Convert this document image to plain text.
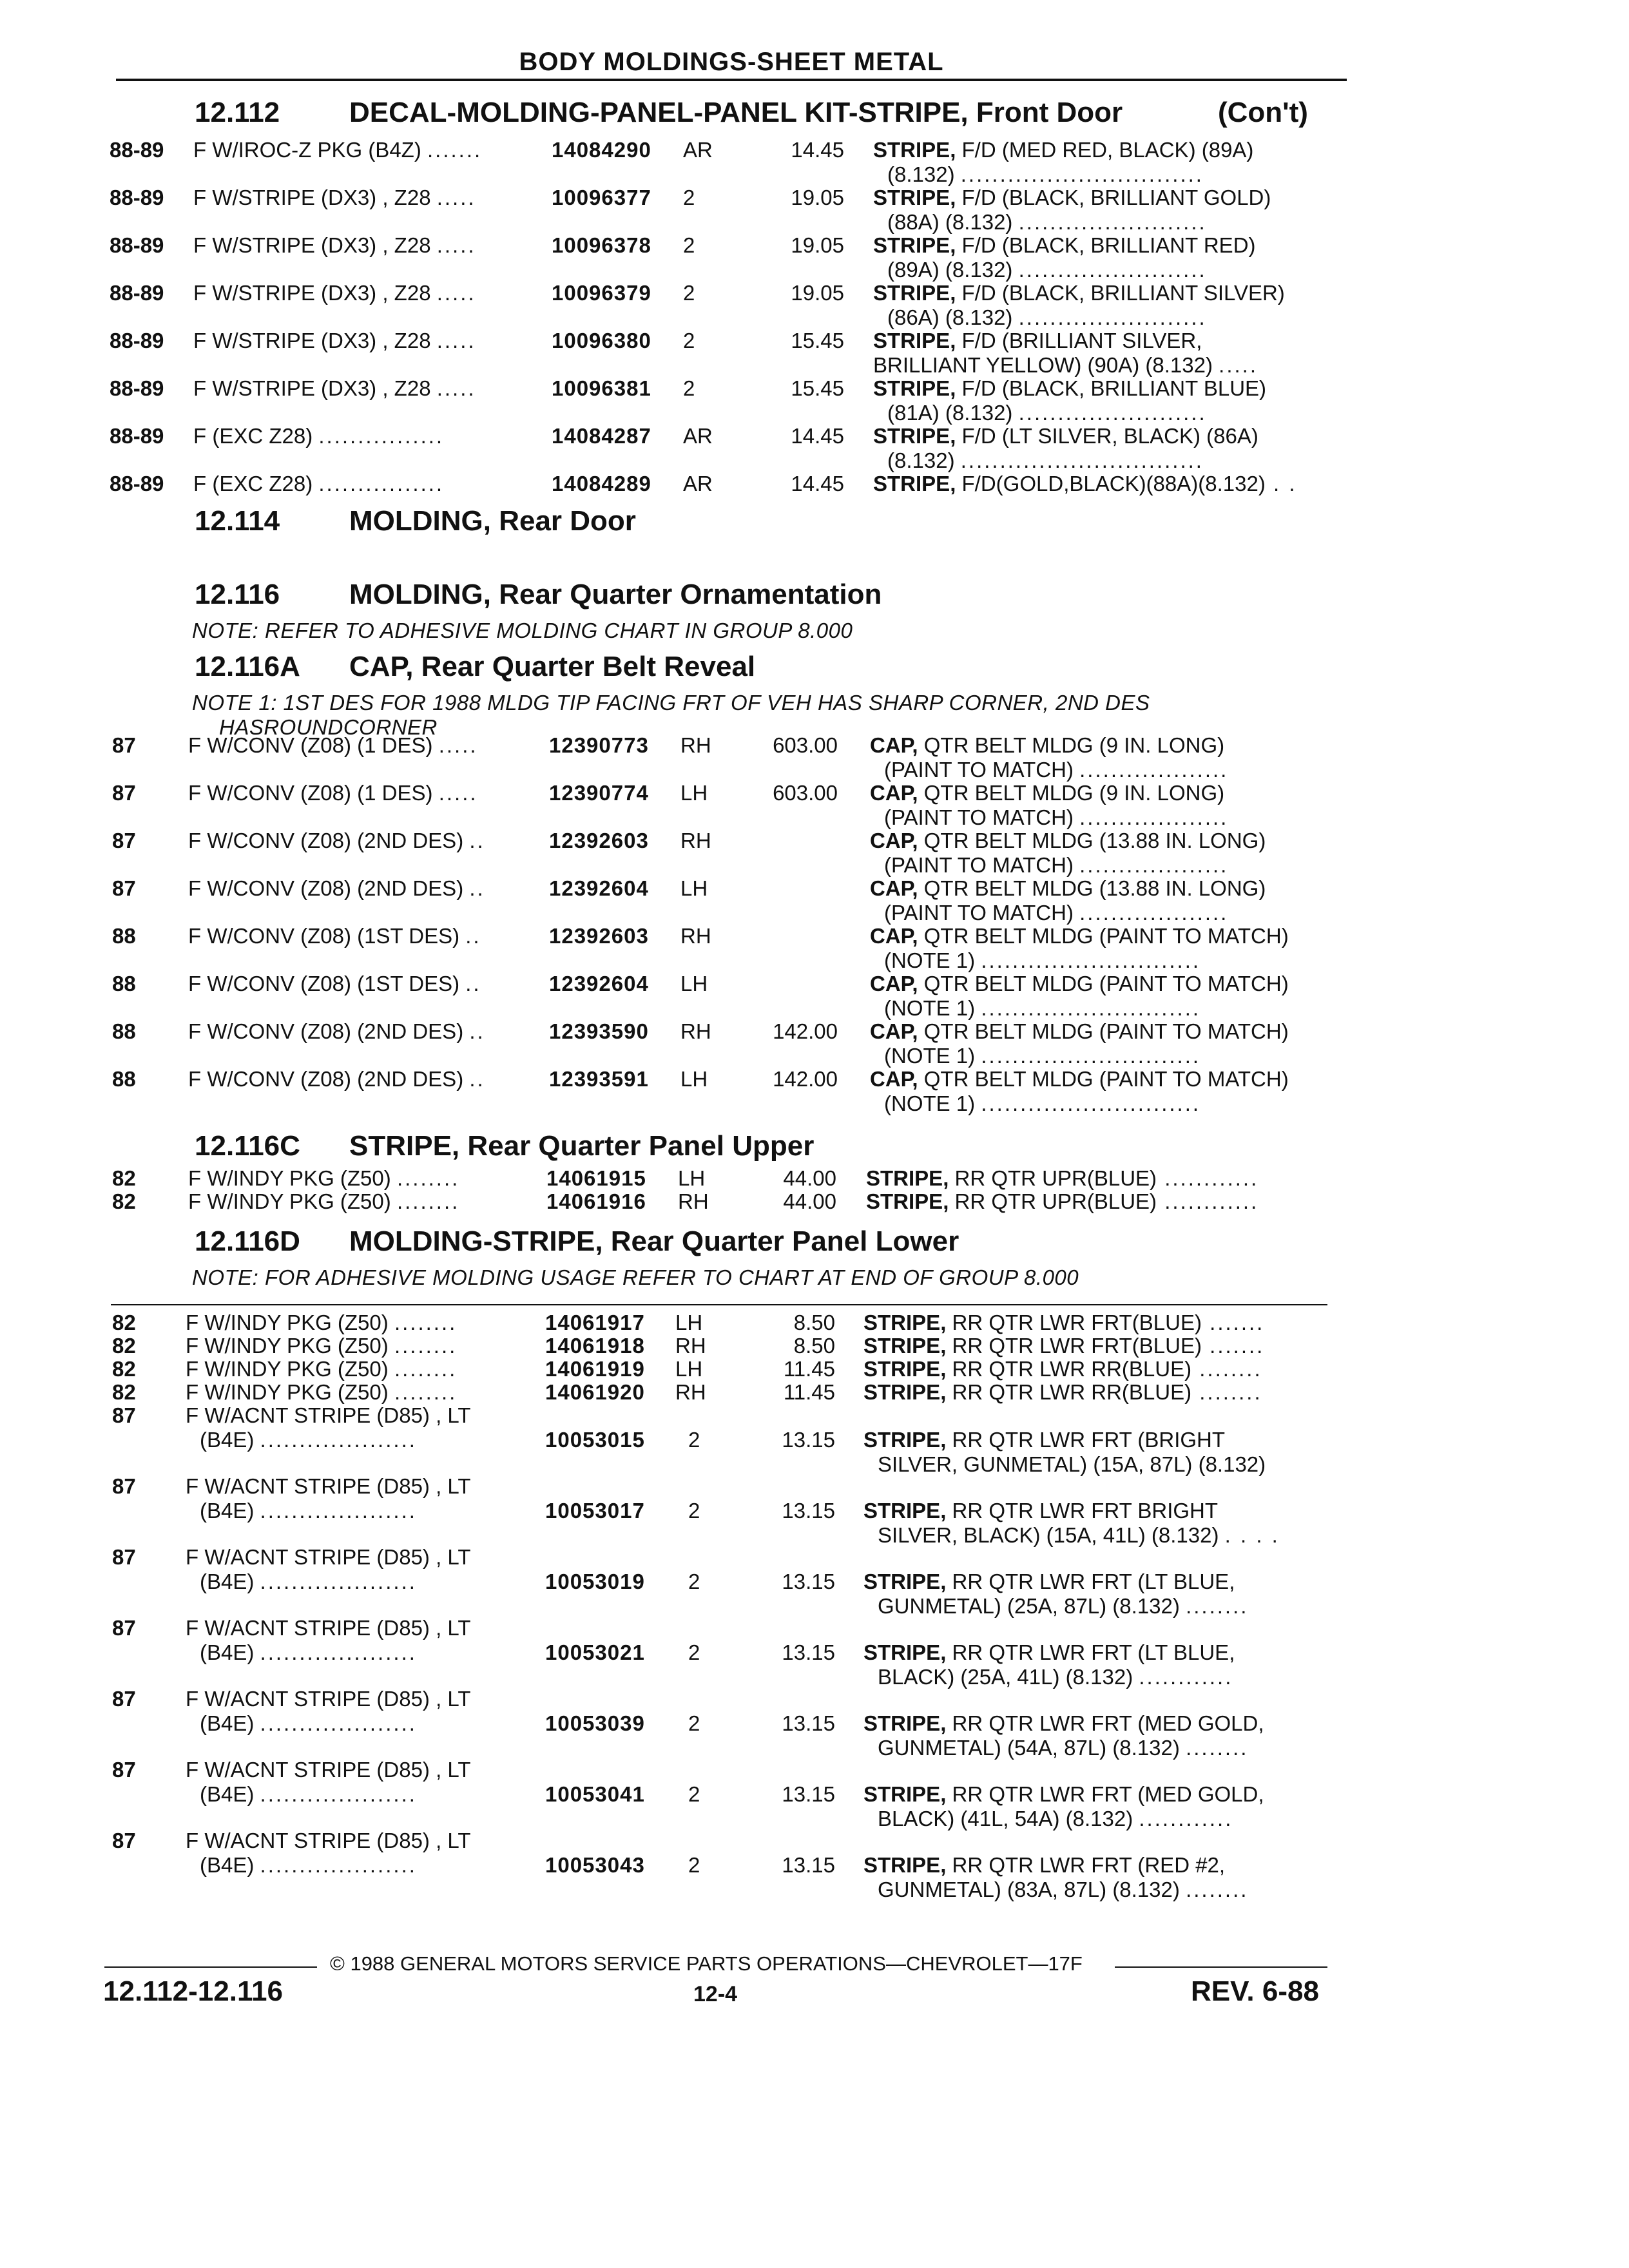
BODY MOLDINGS-SHEET METAL
12.112 DECAL-MOLDING-PANEL-PANEL KIT-STRIPE, Front Door	(Con't)
88-89 F W/IROC-Z PKG (B4Z) .......	14084290 AR	14.45 STRIPE, F/D (MED RED, BLACK) (89A)
(8.132) ...............................
88-89 F W/STRIPE (DX3) , Z28 .....	10096377 2	19.05 STRIPE, F/D (BLACK, BRILLIANT GOLD)
(88A) (8.132) ........................
88-89 F W/STRIPE (DX3) , Z28 .....	10096378 2	19.05 STRIPE, F/D (BLACK, BRILLIANT RED)
(89A) (8.132) ........................
88-89 F W/STRIPE (DX3) , Z28 .....	10096379 2	19.05 STRIPE, F/D (BLACK, BRILLIANT SILVER)
(86A) (8.132) ........................
88-89 F W/STRIPE (DX3) , Z28 .....	10096380 2	15.45 STRIPE, F/D (BRILLIANT SILVER,
BRILLIANT YELLOW) (90A) (8.132) .....
88-89 F W/STRIPE (DX3) , Z28 .....	10096381 2	15.45 STRIPE, F/D (BLACK, BRILLIANT BLUE)
(81A) (8.132) ........................
88-89 F (EXC Z28) ................	14084287 AR	14.45 STRIPE, F/D (LT SILVER, BLACK) (86A)
(8.132) ...............................
88-89 F (EXC Z28) ................	14084289 AR	14.45 STRIPE, F/D(GOLD,BLACK)(88A)(8.132) . .
12.114 MOLDING, Rear Door
12.116 MOLDING, Rear Quarter Ornamentation
NOTE: REFER TO ADHESIVE MOLDING CHART IN GROUP 8.000
12.116A CAP, Rear Quarter Belt Reveal
NOTE 1: 1ST DES FOR 1988 MLDG TIP FACING FRT OF VEH HAS SHARP CORNER, 2ND DES
HASROUNDCORNER
87 F W/CONV (Z08) (1 DES) .....	12390773 RH	603.00 CAP, QTR BELT MLDG (9 IN. LONG)
(PAINT TO MATCH) ...................
87 F W/CONV (Z08) (1 DES) .....	12390774 LH	603.00 CAP, QTR BELT MLDG (9 IN. LONG)
(PAINT TO MATCH) ...................
87 F W/CONV (Z08) (2ND DES) ..	12392603 RH	CAP, QTR BELT MLDG (13.88 IN. LONG)
(PAINT TO MATCH) ...................
87 F W/CONV (Z08) (2ND DES) ..	12392604 LH	CAP, QTR BELT MLDG (13.88 IN. LONG)
(PAINT TO MATCH) ...................
88 F W/CONV (Z08) (1ST DES) ..	12392603 RH	CAP, QTR BELT MLDG (PAINT TO MATCH)
(NOTE 1) ............................
88 F W/CONV (Z08) (1ST DES) ..	12392604 LH	CAP, QTR BELT MLDG (PAINT TO MATCH)
(NOTE 1) ............................
88 F W/CONV (Z08) (2ND DES) ..	12393590 RH	142.00 CAP, QTR BELT MLDG (PAINT TO MATCH)
(NOTE 1) ............................
88 F W/CONV (Z08) (2ND DES) ..	12393591 LH	142.00 CAP, QTR BELT MLDG (PAINT TO MATCH)
(NOTE 1) ............................
12.116C STRIPE, Rear Quarter Panel Upper
82 F W/INDY PKG (Z50) ........	14061915 LH	44.00 STRIPE, RR QTR UPR(BLUE) ............
82 F W/INDY PKG (Z50) ........	14061916 RH	44.00 STRIPE, RR QTR UPR(BLUE) ............
12.116D MOLDING-STRIPE, Rear Quarter Panel Lower
NOTE: FOR ADHESIVE MOLDING USAGE REFER TO CHART AT END OF GROUP 8.000
82 F W/INDY PKG (Z50) ........	14061917 LH	8.50 STRIPE, RR QTR LWR FRT(BLUE) .......
82 F W/INDY PKG (Z50) ........	14061918 RH	8.50 STRIPE, RR QTR LWR FRT(BLUE) .......
82 F W/INDY PKG (Z50) ........	14061919 LH	11.45 STRIPE, RR QTR LWR RR(BLUE) ........
82 F W/INDY PKG (Z50) ........	14061920 RH	11.45 STRIPE, RR QTR LWR RR(BLUE) ........
87 F W/ACNT STRIPE (D85) , LT
(B4E) ....................	10053015 2	13.15 STRIPE, RR QTR LWR FRT (BRIGHT
SILVER, GUNMETAL) (15A, 87L) (8.132)
87 F W/ACNT STRIPE (D85) , LT
(B4E) ....................	10053017 2	13.15 STRIPE, RR QTR LWR FRT BRIGHT
SILVER, BLACK) (15A, 41L) (8.132) . . . .
87 F W/ACNT STRIPE (D85) , LT
(B4E) ....................	10053019 2	13.15 STRIPE, RR QTR LWR FRT (LT BLUE,
GUNMETAL) (25A, 87L) (8.132) ........
87 F W/ACNT STRIPE (D85) , LT
(B4E) ....................	10053021 2	13.15 STRIPE, RR QTR LWR FRT (LT BLUE,
BLACK) (25A, 41L) (8.132) ............
87 F W/ACNT STRIPE (D85) , LT
(B4E) ....................	10053039 2	13.15 STRIPE, RR QTR LWR FRT (MED GOLD,
GUNMETAL) (54A, 87L) (8.132) ........
87 F W/ACNT STRIPE (D85) , LT
(B4E) ....................	10053041 2	13.15 STRIPE, RR QTR LWR FRT (MED GOLD,
BLACK) (41L, 54A) (8.132) ............
87 F W/ACNT STRIPE (D85) , LT
(B4E) ....................	10053043 2	13.15 STRIPE, RR QTR LWR FRT (RED #2,
GUNMETAL) (83A, 87L) (8.132) ........
© 1988 GENERAL MOTORS SERVICE PARTS OPERATIONS—CHEVROLET—17F
12.112-12.116	12-4	REV. 6-88
